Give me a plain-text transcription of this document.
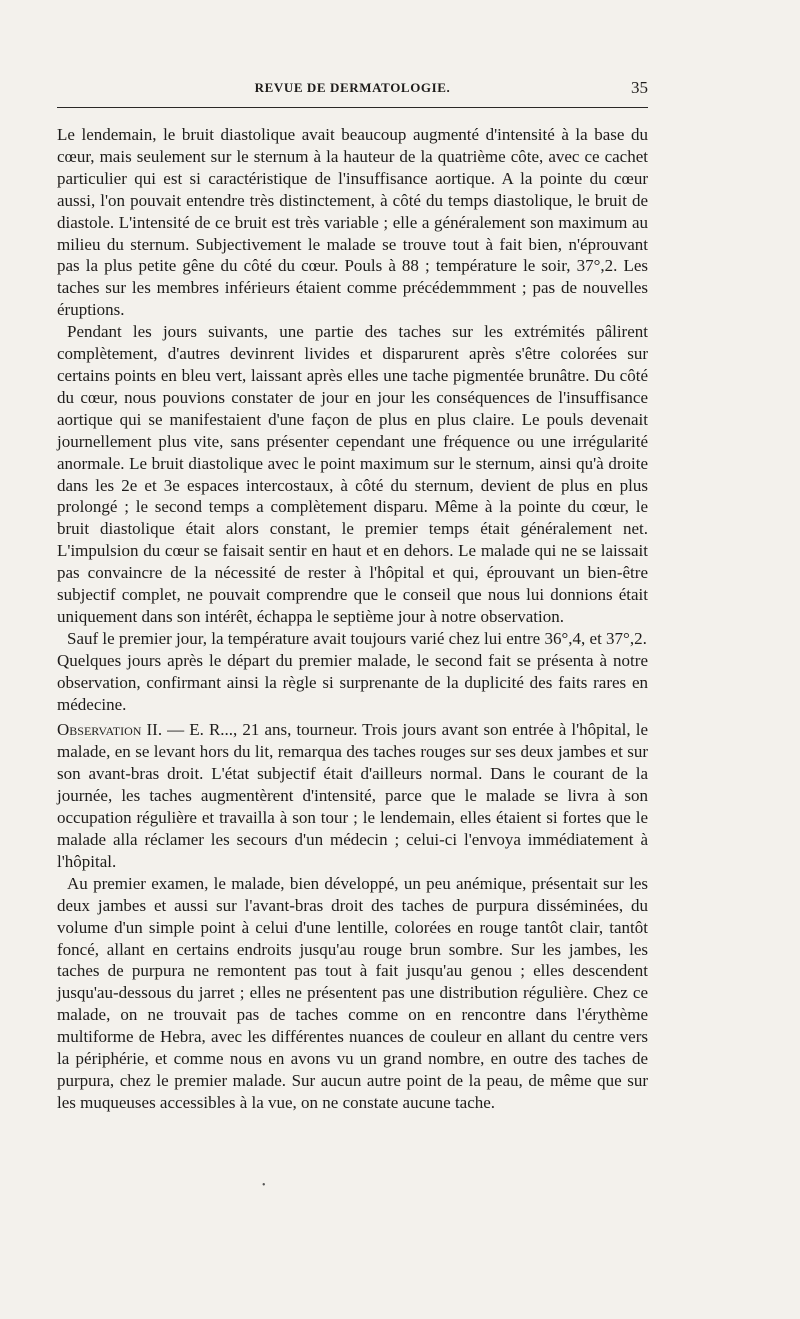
REVUE DE DERMATOLOGIE.	35

Le lendemain, le bruit diastolique avait beaucoup augmenté d'intensité à la base du cœur, mais seulement sur le sternum à la hauteur de la quatrième côte, avec ce cachet particulier qui est si caractéristique de l'insuffisance aortique. A la pointe du cœur aussi, l'on pouvait entendre très distinctement, à côté du temps diastolique, le bruit de diastole. L'intensité de ce bruit est très variable ; elle a généralement son maximum au milieu du sternum. Subjectivement le malade se trouve tout à fait bien, n'éprouvant pas la plus petite gêne du côté du cœur. Pouls à 88 ; température le soir, 37°,2. Les taches sur les membres inférieurs étaient comme précédemmment ; pas de nouvelles éruptions.

Pendant les jours suivants, une partie des taches sur les extrémités pâlirent complètement, d'autres devinrent livides et disparurent après s'être colorées sur certains points en bleu vert, laissant après elles une tache pigmentée brunâtre. Du côté du cœur, nous pouvions constater de jour en jour les conséquences de l'insuffisance aortique qui se manifestaient d'une façon de plus en plus claire. Le pouls devenait journellement plus vite, sans présenter cependant une fréquence ou une irrégularité anormale. Le bruit diastolique avec le point maximum sur le sternum, ainsi qu'à droite dans les 2e et 3e espaces intercostaux, à côté du sternum, devient de plus en plus prolongé ; le second temps a complètement disparu. Même à la pointe du cœur, le bruit diastolique était alors constant, le premier temps était généralement net. L'impulsion du cœur se faisait sentir en haut et en dehors. Le malade qui ne se laissait pas convaincre de la nécessité de rester à l'hôpital et qui, éprouvant un bien-être subjectif complet, ne pouvait comprendre que le conseil que nous lui donnions était uniquement dans son intérêt, échappa le septième jour à notre observation.

Sauf le premier jour, la température avait toujours varié chez lui entre 36°,4, et 37°,2.

Quelques jours après le départ du premier malade, le second fait se présenta à notre observation, confirmant ainsi la règle si surprenante de la duplicité des faits rares en médecine.

Observation II. — E. R..., 21 ans, tourneur. Trois jours avant son entrée à l'hôpital, le malade, en se levant hors du lit, remarqua des taches rouges sur ses deux jambes et sur son avant-bras droit. L'état subjectif était d'ailleurs normal. Dans le courant de la journée, les taches augmentèrent d'intensité, parce que le malade se livra à son occupation régulière et travailla à son tour ; le lendemain, elles étaient si fortes que le malade alla réclamer les secours d'un médecin ; celui-ci l'envoya immédiatement à l'hôpital.

Au premier examen, le malade, bien développé, un peu anémique, présentait sur les deux jambes et aussi sur l'avant-bras droit des taches de purpura disséminées, du volume d'un simple point à celui d'une lentille, colorées en rouge tantôt clair, tantôt foncé, allant en certains endroits jusqu'au rouge brun sombre. Sur les jambes, les taches de purpura ne remontent pas tout à fait jusqu'au genou ; elles descendent jusqu'au-dessous du jarret ; elles ne présentent pas une distribution régulière. Chez ce malade, on ne trouvait pas de taches comme on en rencontre dans l'érythème multiforme de Hebra, avec les différentes nuances de couleur en allant du centre vers la périphérie, et comme nous en avons vu un grand nombre, en outre des taches de purpura, chez le premier malade. Sur aucun autre point de la peau, de même que sur les muqueuses accessibles à la vue, on ne constate aucune tache.

•
